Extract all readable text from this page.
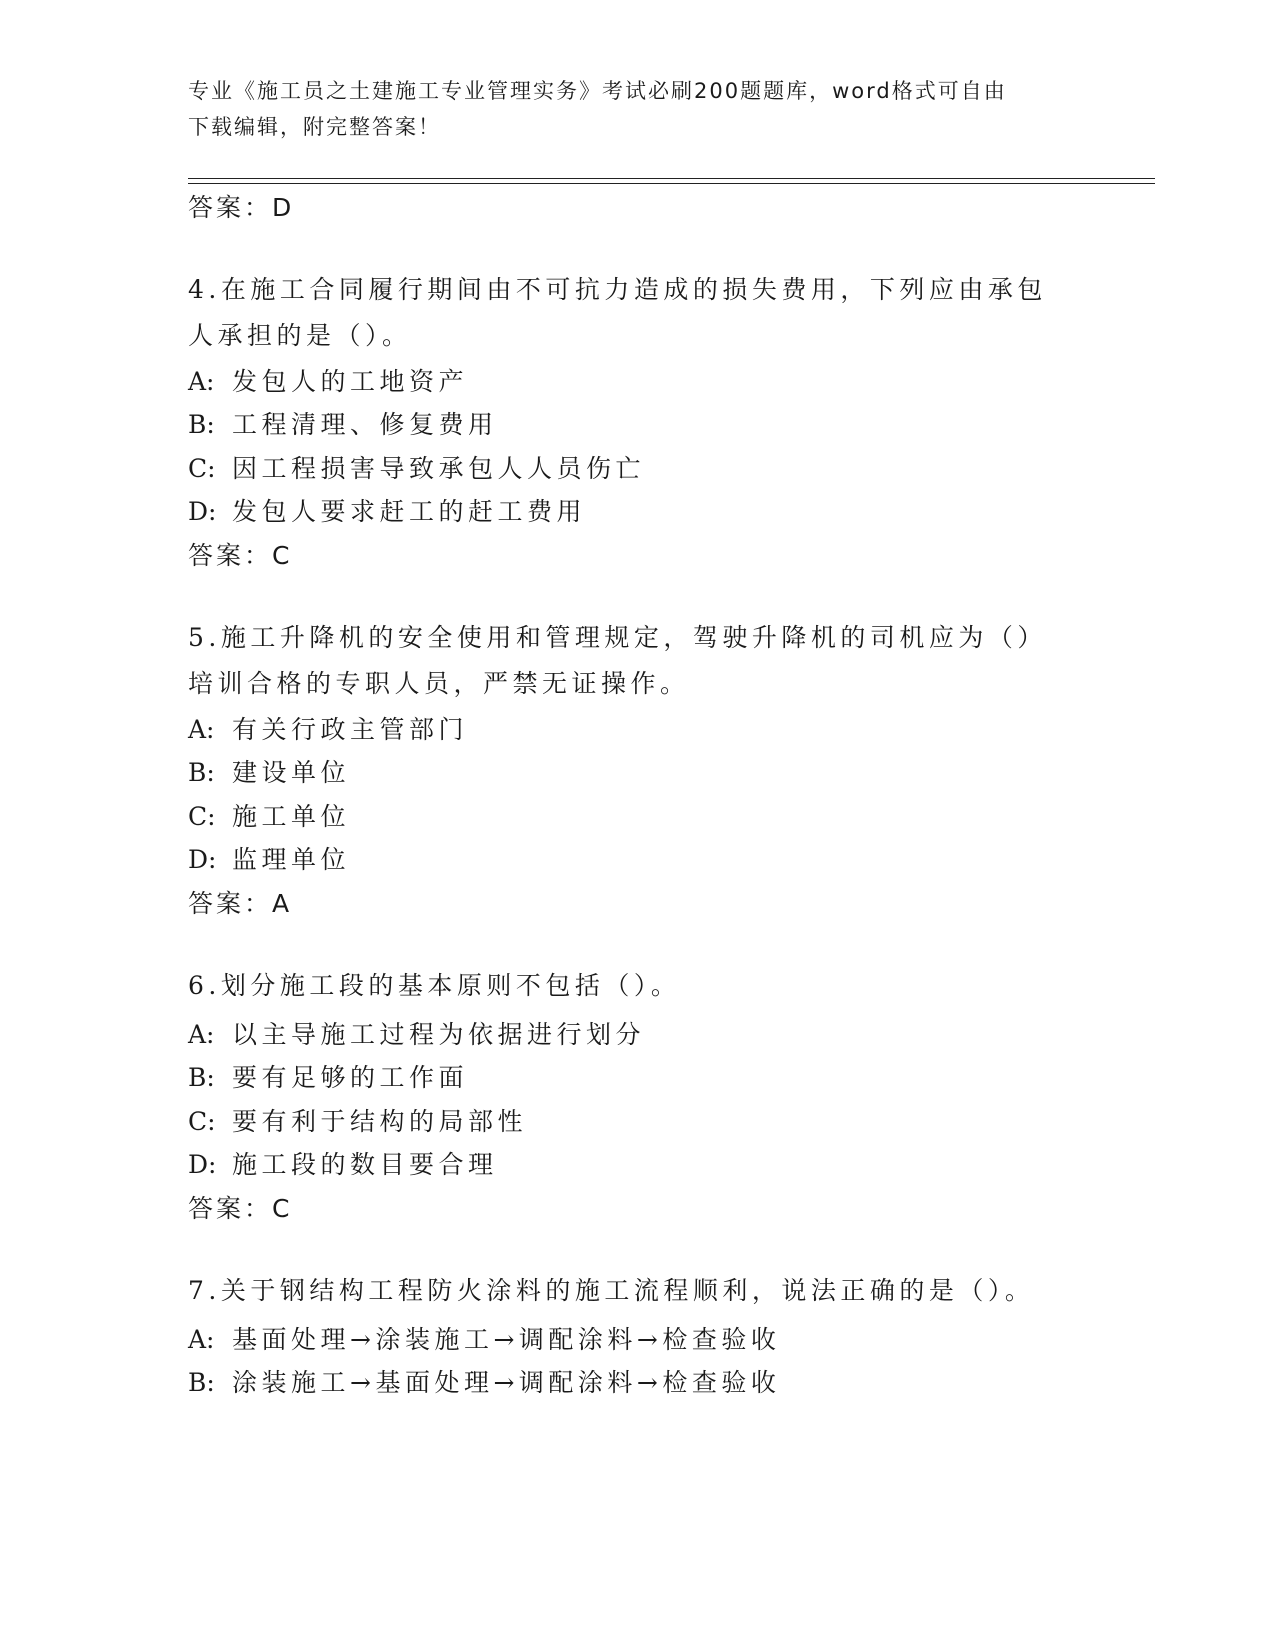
专业《施工员之土建施工专业管理实务》考试必刷200题题库，word格式可自由
下载编辑，附完整答案！
答案：D
4.在施工合同履行期间由不可抗力造成的损失费用，下列应由承包人承担的是（）。
A: 发包人的工地资产
B: 工程清理、修复费用
C: 因工程损害导致承包人人员伤亡
D: 发包人要求赶工的赶工费用
答案：C
5.施工升降机的安全使用和管理规定，驾驶升降机的司机应为（）培训合格的专职人员，严禁无证操作。
A: 有关行政主管部门
B: 建设单位
C: 施工单位
D: 监理单位
答案：A
6.划分施工段的基本原则不包括（）。
A: 以主导施工过程为依据进行划分
B: 要有足够的工作面
C: 要有利于结构的局部性
D: 施工段的数目要合理
答案：C
7.关于钢结构工程防火涂料的施工流程顺利，说法正确的是（）。
A: 基面处理→涂装施工→调配涂料→检查验收
B: 涂装施工→基面处理→调配涂料→检查验收
